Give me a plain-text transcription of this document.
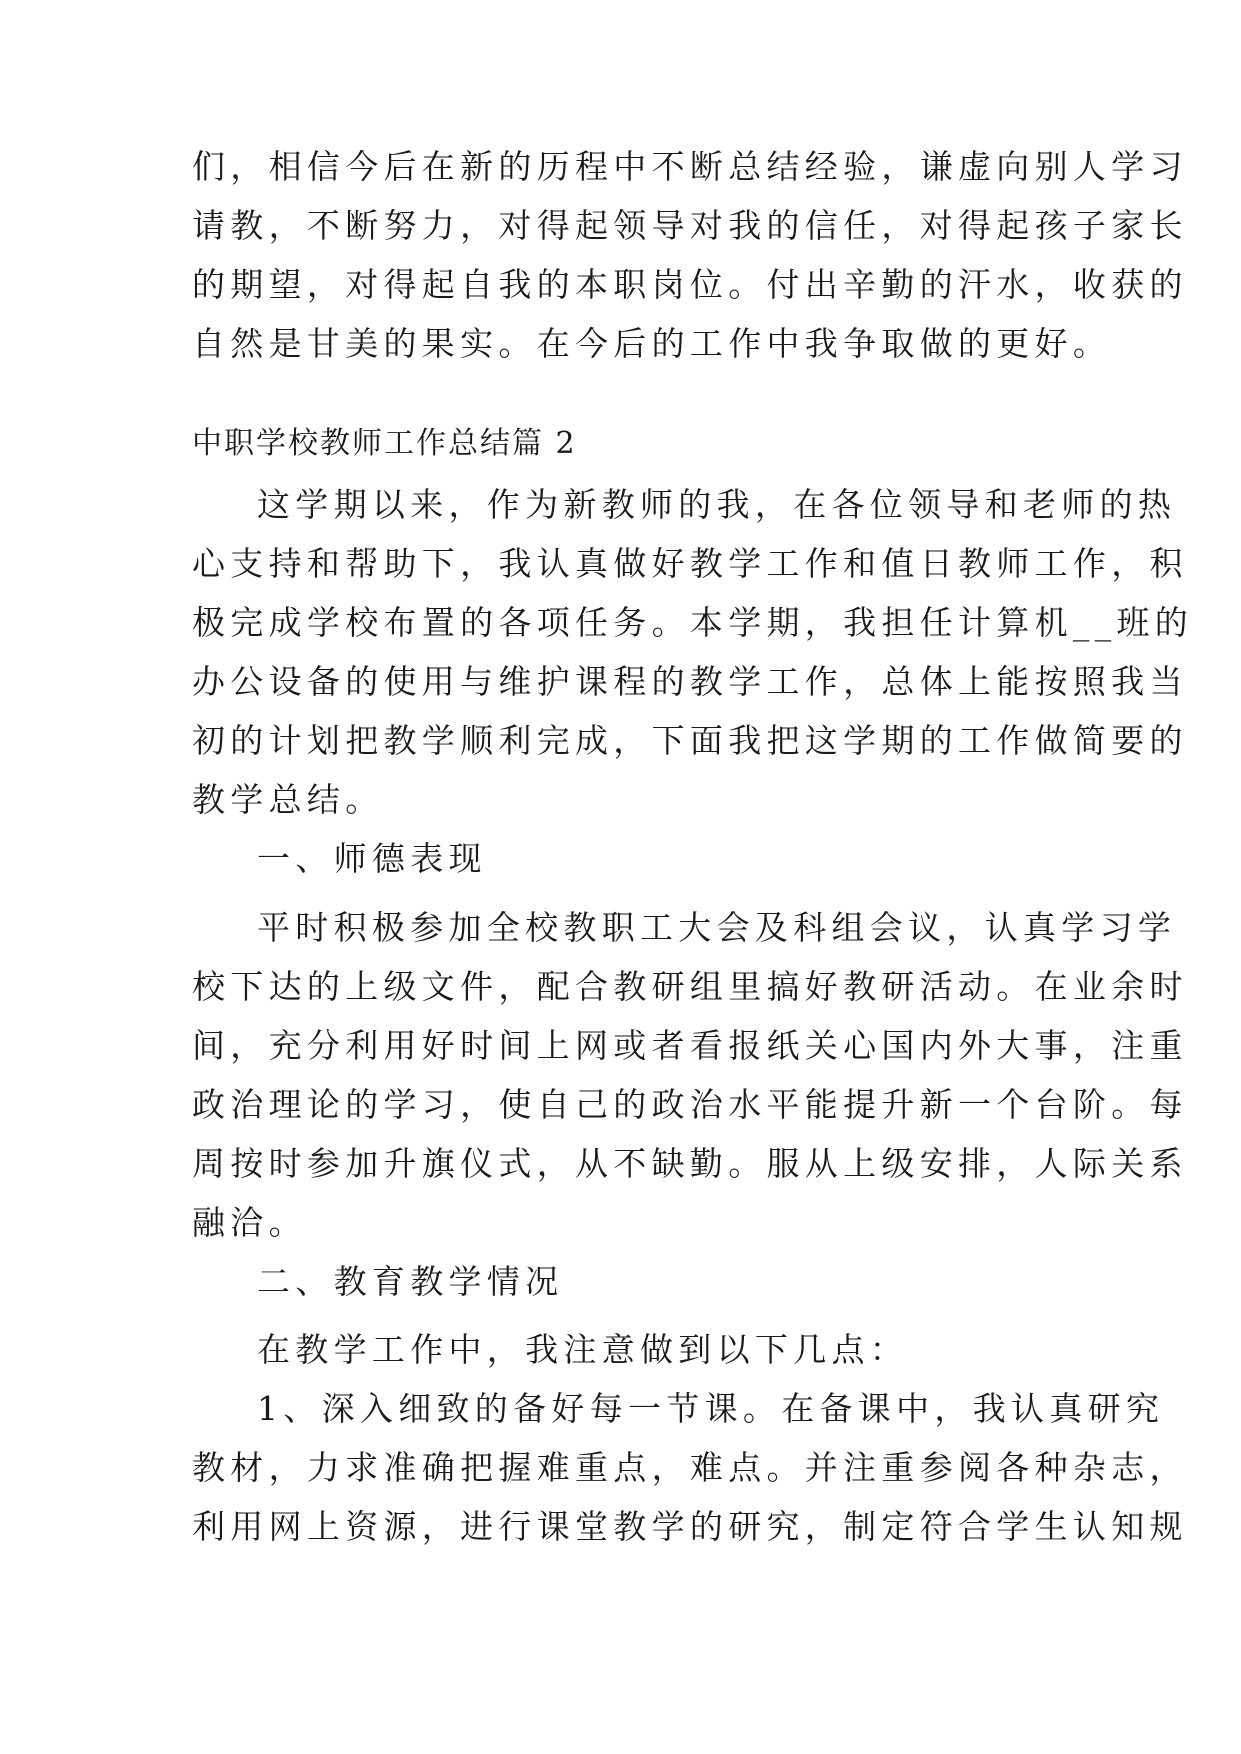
们，相信今后在新的历程中不断总结经验，谦虚向别人学习
请教，不断努力，对得起领导对我的信任，对得起孩子家长
的期望，对得起自我的本职岗位。付出辛勤的汗水，收获的
自然是甘美的果实。在今后的工作中我争取做的更好。
中职学校教师工作总结篇 2
这学期以来，作为新教师的我，在各位领导和老师的热
心支持和帮助下，我认真做好教学工作和值日教师工作，积
极完成学校布置的各项任务。本学期，我担任计算机__班的
办公设备的使用与维护课程的教学工作，总体上能按照我当
初的计划把教学顺利完成，下面我把这学期的工作做简要的
教学总结。
一、师德表现
平时积极参加全校教职工大会及科组会议，认真学习学
校下达的上级文件，配合教研组里搞好教研活动。在业余时
间，充分利用好时间上网或者看报纸关心国内外大事，注重
政治理论的学习，使自己的政治水平能提升新一个台阶。每
周按时参加升旗仪式，从不缺勤。服从上级安排，人际关系
融洽。
二、教育教学情况
在教学工作中，我注意做到以下几点：
1、深入细致的备好每一节课。在备课中，我认真研究
教材，力求准确把握难重点，难点。并注重参阅各种杂志，
利用网上资源，进行课堂教学的研究，制定符合学生认知规
